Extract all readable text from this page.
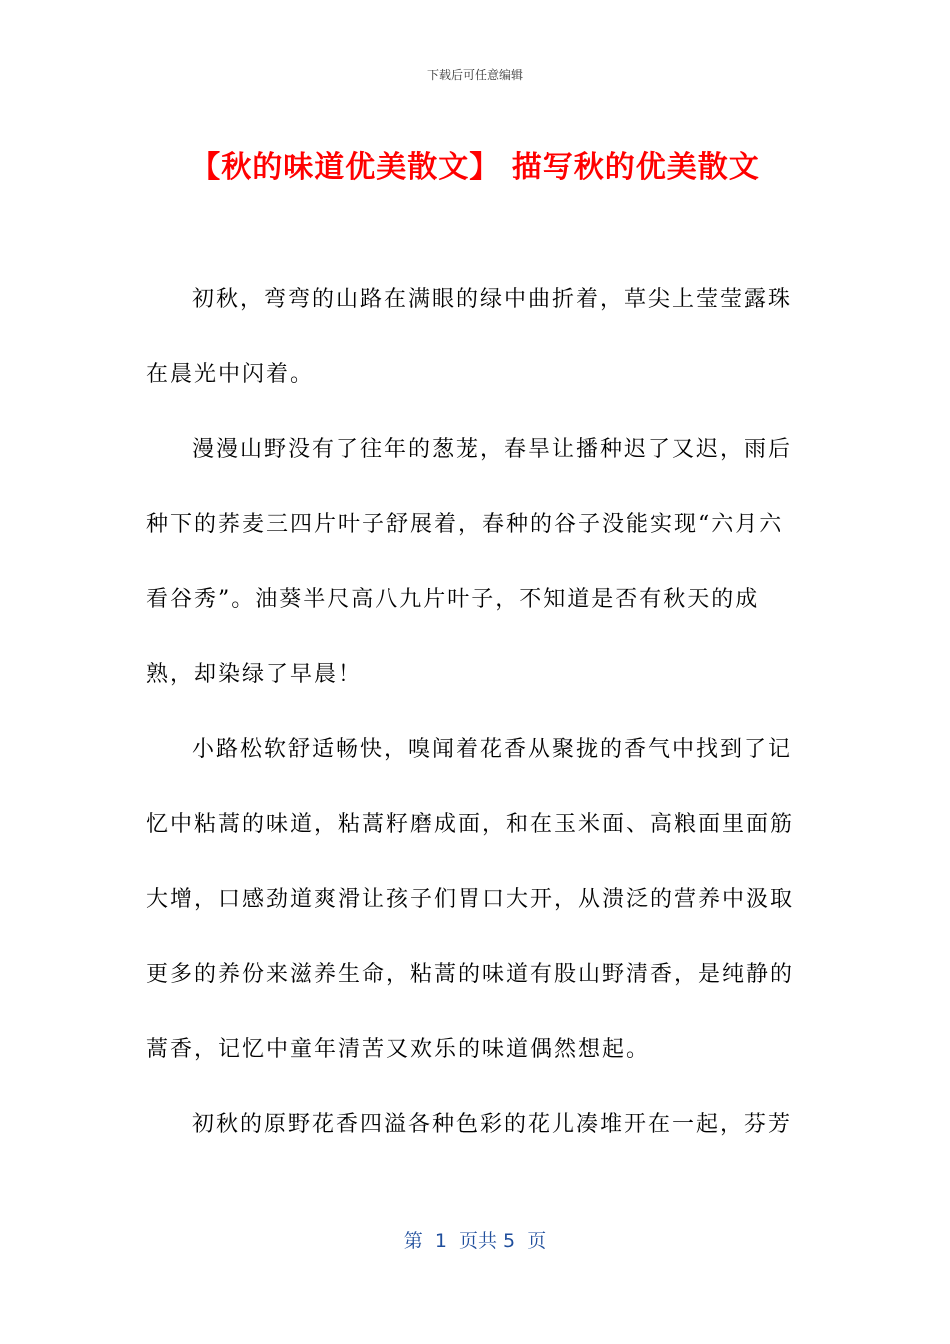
下载后可任意编辑
【秋的味道优美散文】 描写秋的优美散文

初秋，弯弯的山路在满眼的绿中曲折着，草尖上莹莹露珠在晨光中闪着。

漫漫山野没有了往年的葱茏，春旱让播种迟了又迟，雨后种下的荞麦三四片叶子舒展着，春种的谷子没能实现“六月六看谷秀”。油葵半尺高八九片叶子，不知道是否有秋天的成熟，却染绿了早晨！

小路松软舒适畅快，嗅闻着花香从聚拢的香气中找到了记忆中粘蒿的味道，粘蒿籽磨成面，和在玉米面、高粮面里面筋大增，口感劲道爽滑让孩子们胃口大开，从溃泛的营养中汲取更多的养份来滋养生命，粘蒿的味道有股山野清香，是纯静的蒿香，记忆中童年清苦又欢乐的味道偶然想起。

初秋的原野花香四溢各种色彩的花儿凑堆开在一起，芬芳

第  1  页共 5  页
